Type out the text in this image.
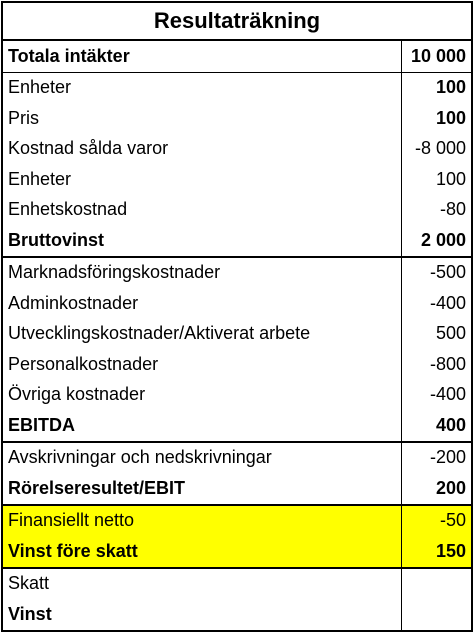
Resultaträkning
Totala intäkter	10 000
Enheter	100
Pris	100
Kostnad sålda varor	-8 000
Enheter	100
Enhetskostnad	-80
Bruttovinst	2 000
Marknadsföringskostnader	-500
Adminkostnader	-400
Utvecklingskostnader/Aktiverat arbete	500
Personalkostnader	-800
Övriga kostnader	-400
EBITDA	400
Avskrivningar och nedskrivningar	-200
Rörelseresultet/EBIT	200
Finansiellt netto	-50
Vinst före skatt	150
Skatt	
Vinst	
